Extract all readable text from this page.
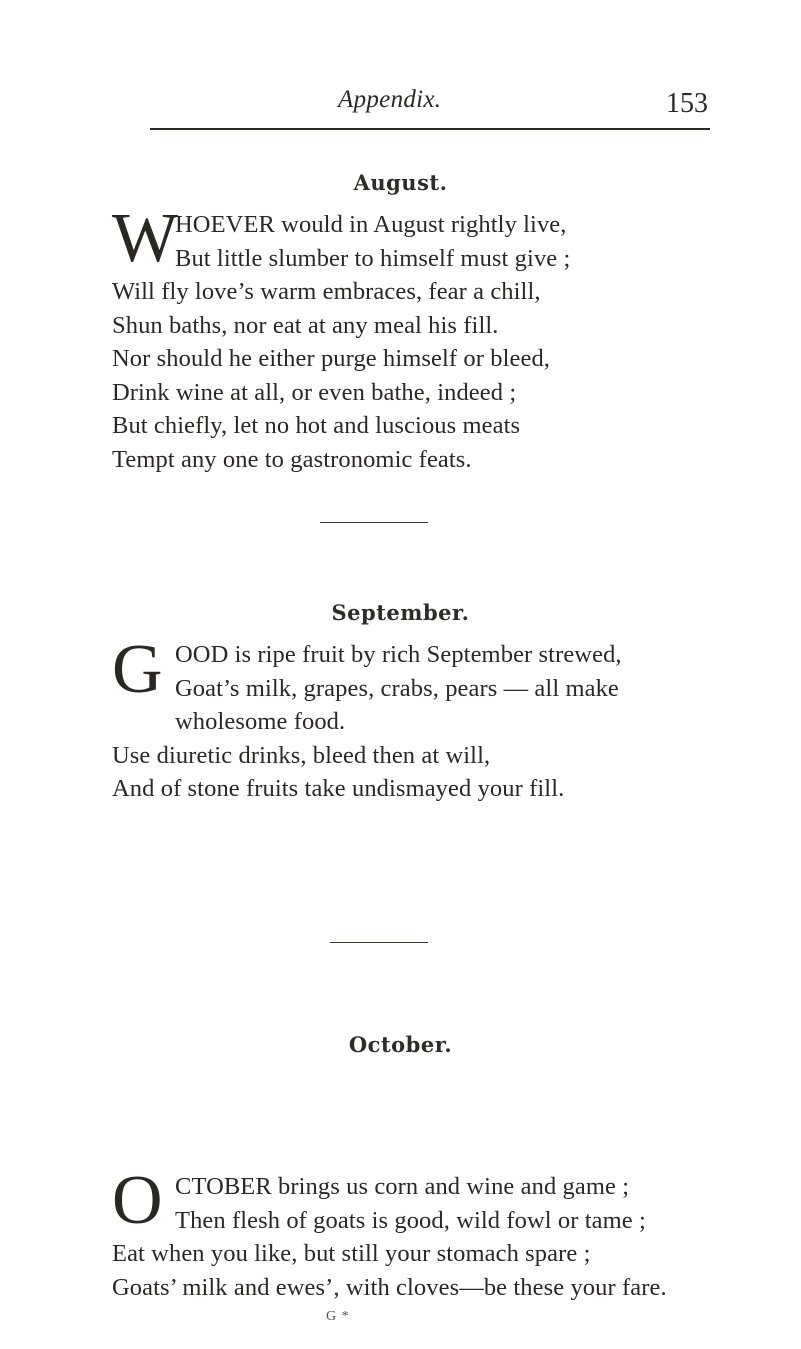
Appendix.	153
August.
W
HOEVER would in August rightly live,
But little slumber to himself must give ;
Will fly love’s warm embraces, fear a chill,
Shun baths, nor eat at any meal his fill.
Nor should he either purge himself or bleed,
Drink wine at all, or even bathe, indeed ;
But chiefly, let no hot and luscious meats
Tempt any one to gastronomic feats.
September.
G OOD is ripe fruit by rich September strewed,
Goat’s milk, grapes, crabs, pears — all make
wholesome food.
Use diuretic drinks, bleed then at will,
And of stone fruits take undismayed your fill.
October.
O CTOBER brings us corn and wine and game ;
Then flesh of goats is good, wild fowl or tame ;
Eat when you like, but still your stomach spare ;
Goats’ milk and ewes’, with cloves—be these your fare.
G *
